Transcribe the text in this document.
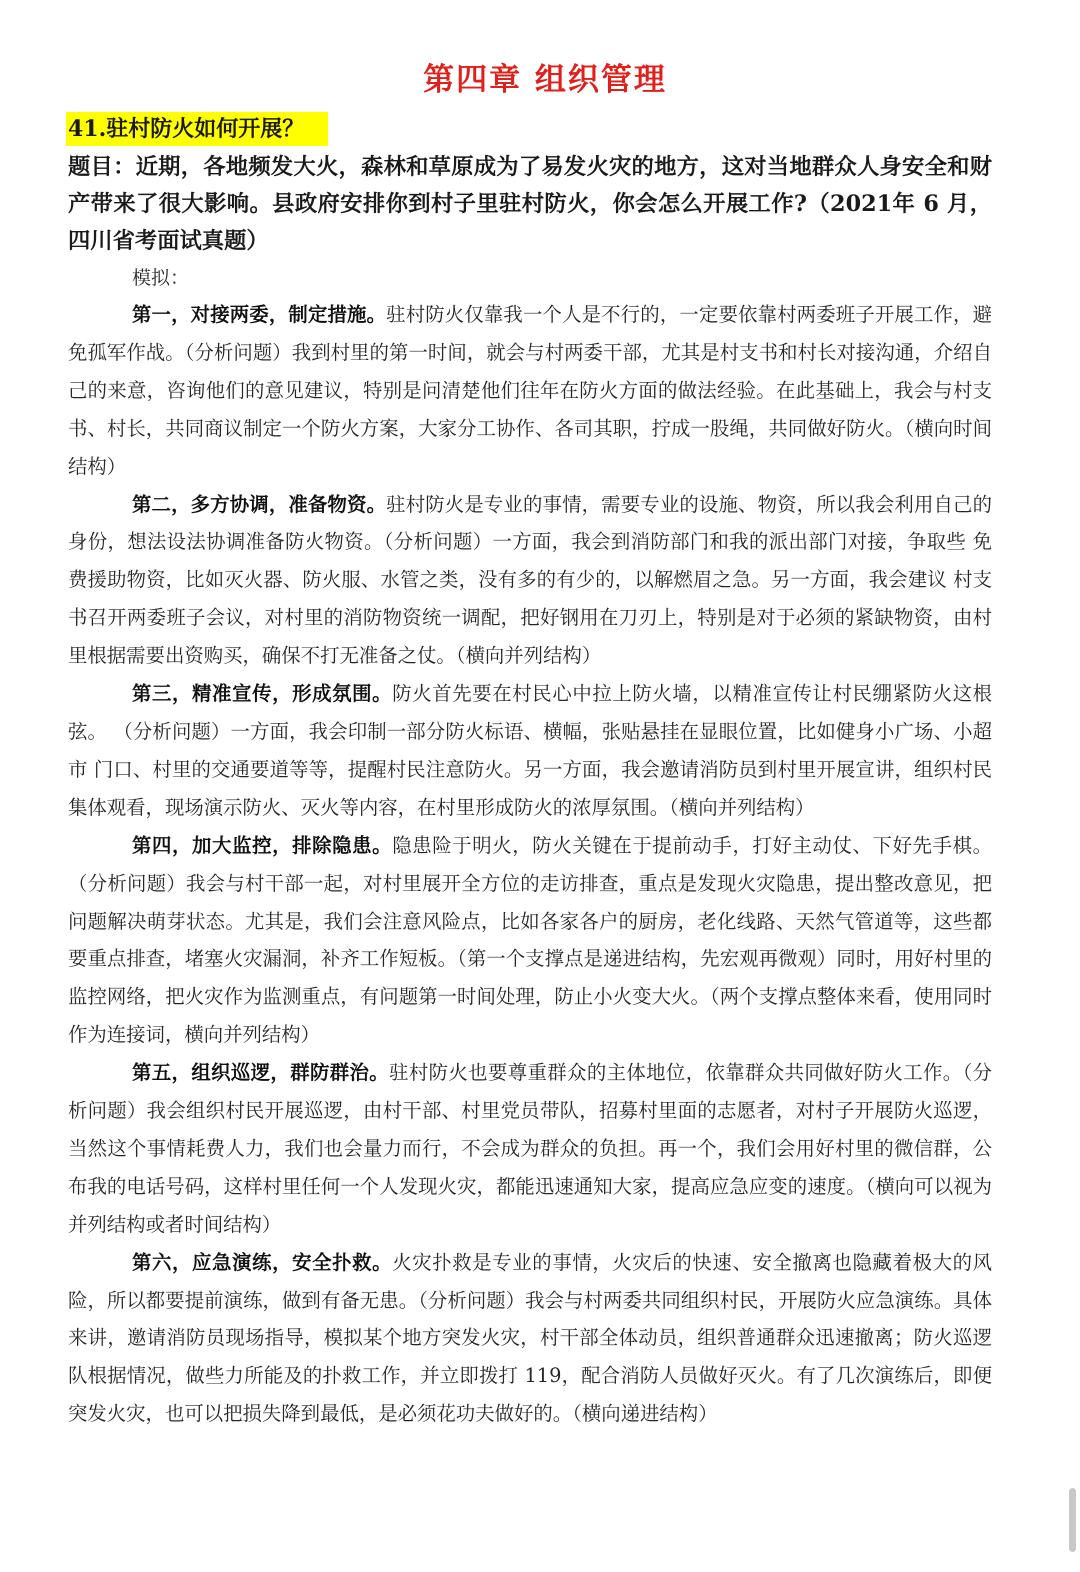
第四章 组织管理
41.驻村防火如何开展？
题目：近期，各地频发大火，森林和草原成为了易发火灾的地方，这对当地群众人身安全和财产带来了很大影响。县政府安排你到村子里驻村防火，你会怎么开展工作?（2021年 6 月，四川省考面试真题）
模拟：

第一，对接两委，制定措施。驻村防火仅靠我一个人是不行的，一定要依靠村两委班子开展工作，避免孤军作战。（分析问题）我到村里的第一时间，就会与村两委干部，尤其是村支书和村长对接沟通，介绍自己的来意，咨询他们的意见建议，特别是问清楚他们往年在防火方面的做法经验。在此基础上，我会与村支书、村长，共同商议制定一个防火方案，大家分工协作、各司其职，拧成一股绳，共同做好防火。（横向时间结构）

第二，多方协调，准备物资。驻村防火是专业的事情，需要专业的设施、物资，所以我会利用自己的身份，想法设法协调准备防火物资。（分析问题）一方面，我会到消防部门和我的派出部门对接，争取些 免费援助物资，比如灭火器、防火服、水管之类，没有多的有少的，以解燃眉之急。另一方面，我会建议 村支书召开两委班子会议，对村里的消防物资统一调配，把好钢用在刀刃上，特别是对于必须的紧缺物资，由村里根据需要出资购买，确保不打无准备之仗。（横向并列结构）

第三，精准宣传，形成氛围。防火首先要在村民心中拉上防火墙，以精准宣传让村民绷紧防火这根弦。 （分析问题）一方面，我会印制一部分防火标语、横幅，张贴悬挂在显眼位置，比如健身小广场、小超市 门口、村里的交通要道等等，提醒村民注意防火。另一方面，我会邀请消防员到村里开展宣讲，组织村民集体观看，现场演示防火、灭火等内容，在村里形成防火的浓厚氛围。（横向并列结构）

第四，加大监控，排除隐患。隐患险于明火，防火关键在于提前动手，打好主动仗、下好先手棋。（分析问题）我会与村干部一起，对村里展开全方位的走访排查，重点是发现火灾隐患，提出整改意见，把问题解决萌芽状态。尤其是，我们会注意风险点，比如各家各户的厨房，老化线路、天然气管道等，这些都要重点排查，堵塞火灾漏洞，补齐工作短板。（第一个支撑点是递进结构，先宏观再微观）同时，用好村里的监控网络，把火灾作为监测重点，有问题第一时间处理，防止小火变大火。（两个支撑点整体来看，使用同时作为连接词，横向并列结构）

第五，组织巡逻，群防群治。驻村防火也要尊重群众的主体地位，依靠群众共同做好防火工作。（分析问题）我会组织村民开展巡逻，由村干部、村里党员带队，招募村里面的志愿者，对村子开展防火巡逻，当然这个事情耗费人力，我们也会量力而行，不会成为群众的负担。再一个，我们会用好村里的微信群，公布我的电话号码，这样村里任何一个人发现火灾，都能迅速通知大家，提高应急应变的速度。（横向可以视为并列结构或者时间结构）

第六，应急演练，安全扑救。火灾扑救是专业的事情，火灾后的快速、安全撤离也隐藏着极大的风险，所以都要提前演练，做到有备无患。（分析问题）我会与村两委共同组织村民，开展防火应急演练。具体 来讲，邀请消防员现场指导，模拟某个地方突发火灾，村干部全体动员，组织普通群众迅速撤离；防火巡逻队根据情况，做些力所能及的扑救工作，并立即拨打 119，配合消防人员做好灭火。有了几次演练后，即便突发火灾，也可以把损失降到最低，是必须花功夫做好的。（横向递进结构）
